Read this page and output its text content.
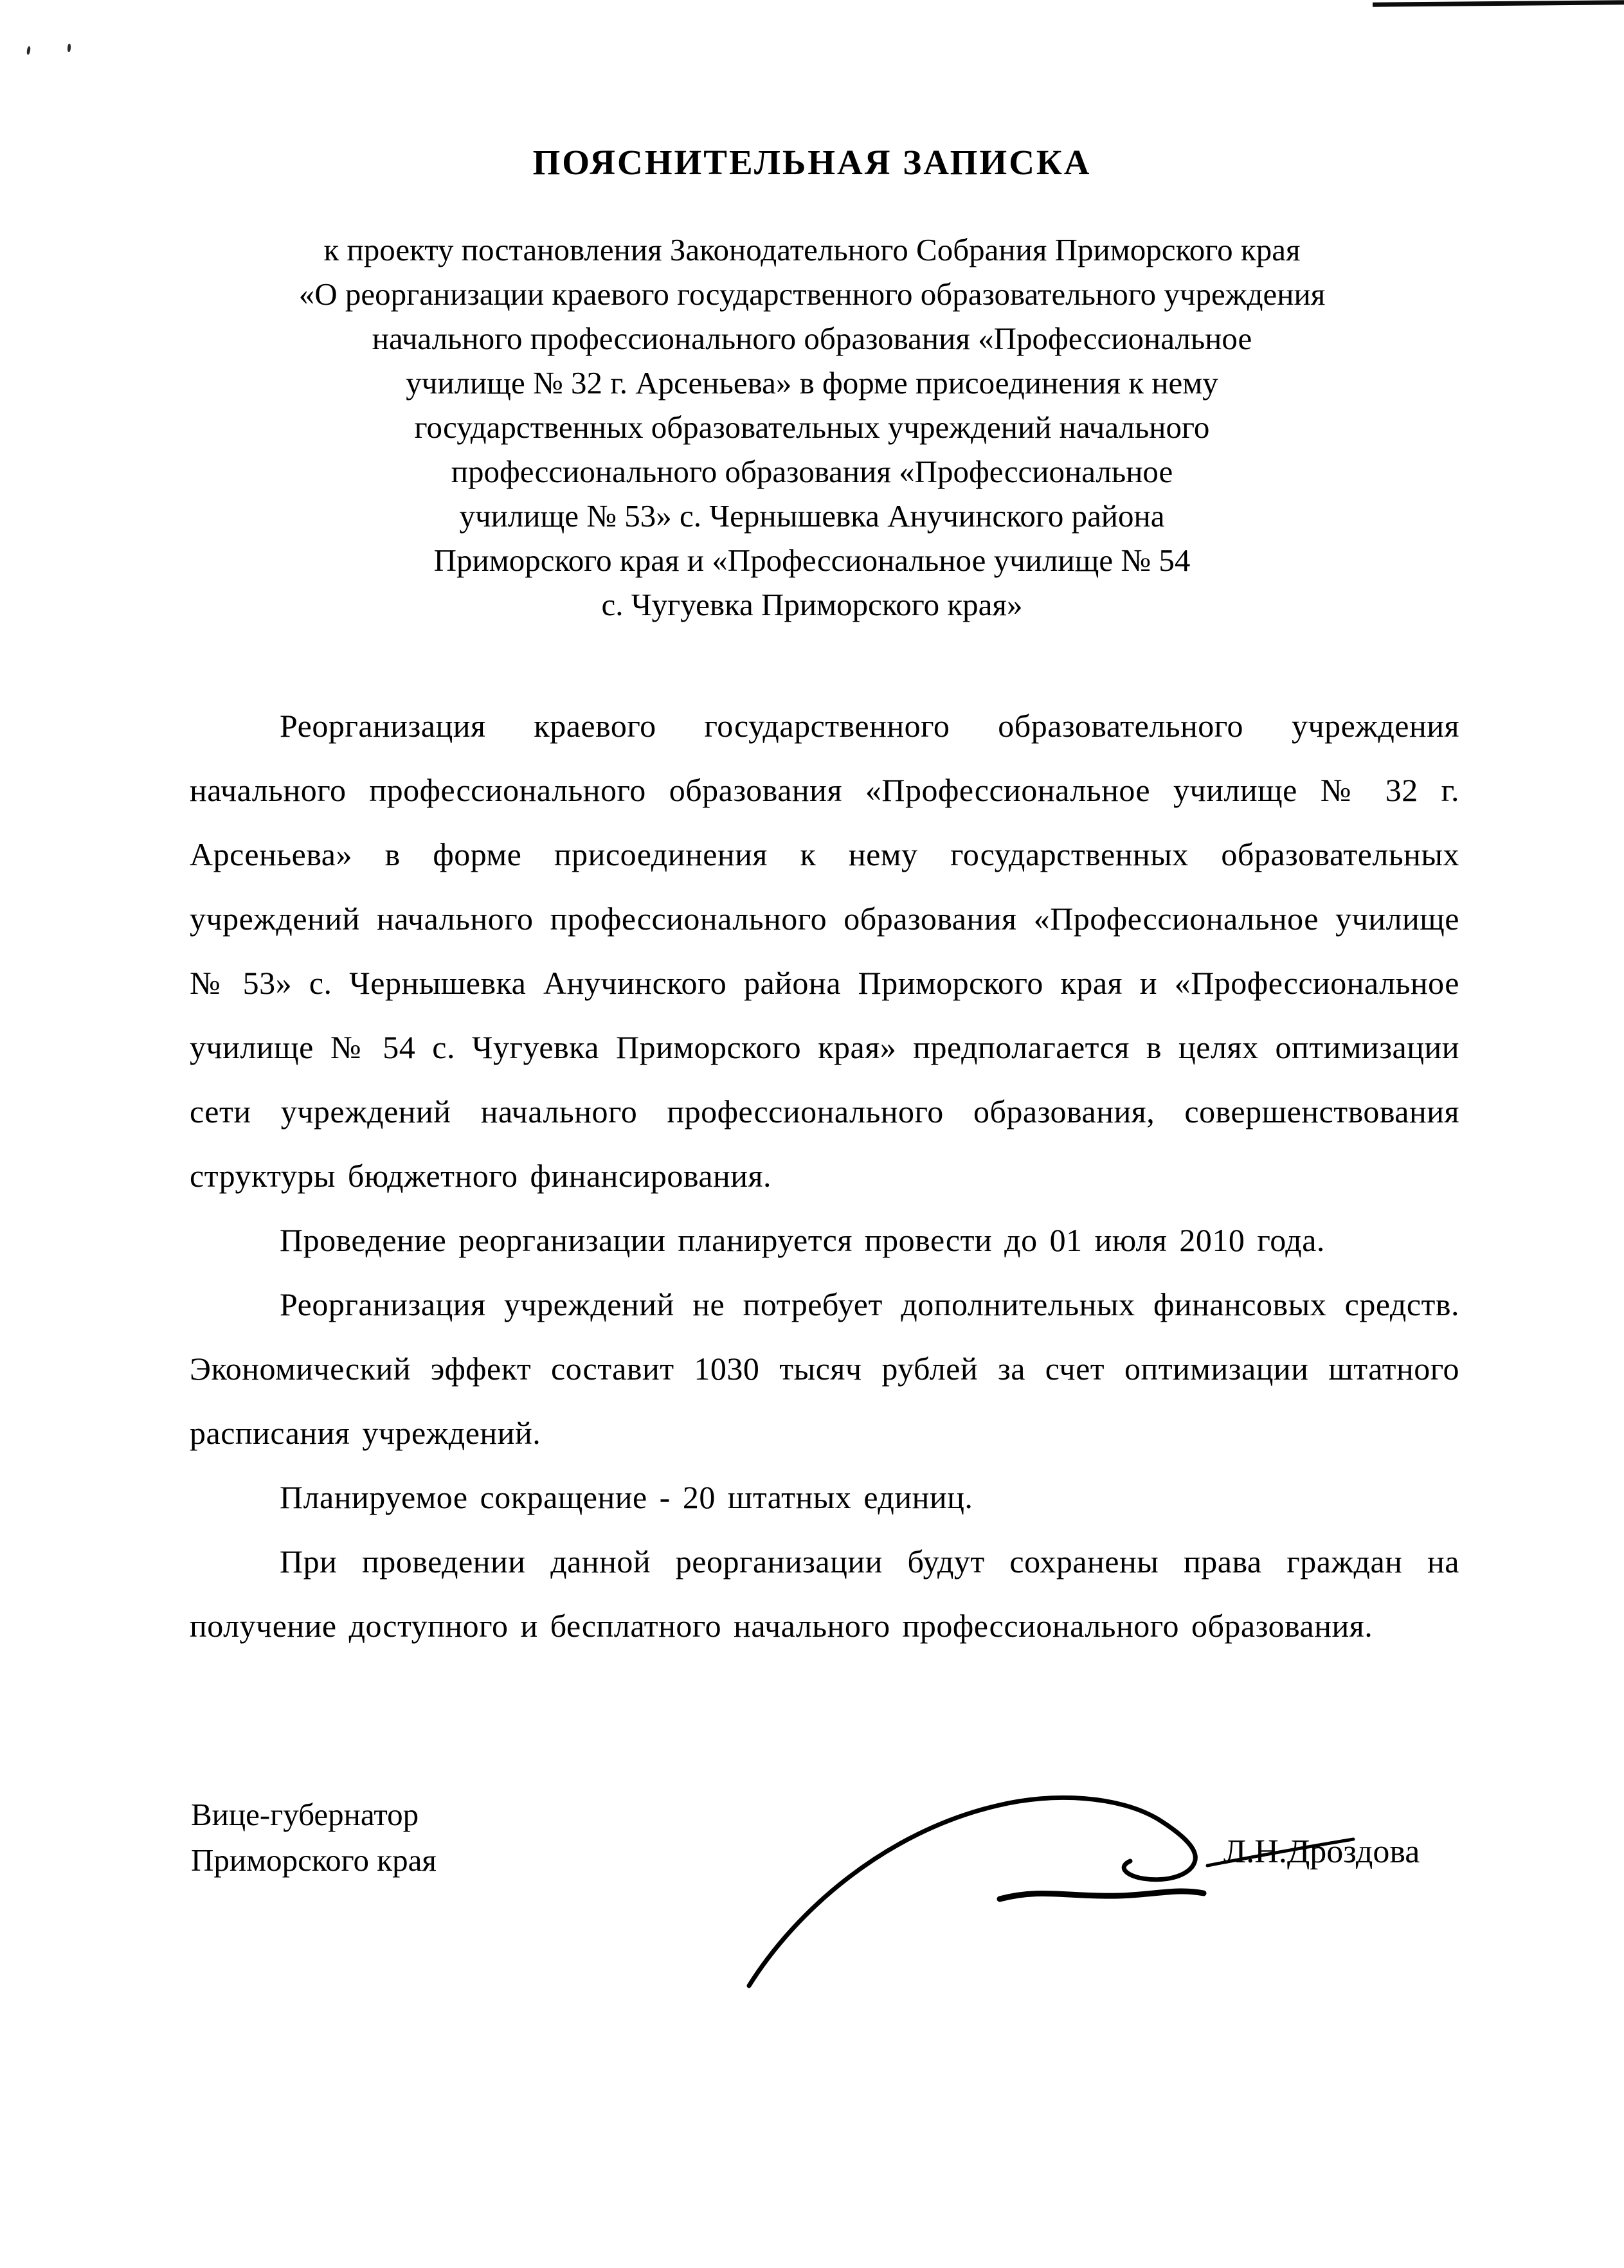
ПОЯСНИТЕЛЬНАЯ ЗАПИСКА
к проекту постановления Законодательного Собрания Приморского края
«О реорганизации краевого государственного образовательного учреждения
начального профессионального образования «Профессиональное
училище № 32 г. Арсеньева» в форме присоединения к нему
государственных образовательных учреждений начального
профессионального образования «Профессиональное
училище № 53» с. Чернышевка Анучинского района
Приморского края и «Профессиональное училище № 54
с. Чугуевка Приморского края»

Реорганизация краевого государственного образовательного учреждения начального профессионального образования «Профессиональное училище № 32 г. Арсеньева» в форме присоединения к нему государственных образовательных учреждений начального профессионального образования «Профессиональное училище № 53» с. Чернышевка Анучинского района Приморского края и «Профессиональное училище № 54 с. Чугуевка Приморского края» предполагается в целях оптимизации сети учреждений начального профессионального образования, совершенствования структуры бюджетного финансирования.

Проведение реорганизации планируется провести до 01 июля 2010 года.

Реорганизация учреждений не потребует дополнительных финансовых средств. Экономический эффект составит 1030 тысяч рублей за счет оптимизации штатного расписания учреждений.

Планируемое сокращение - 20 штатных единиц.

При проведении данной реорганизации будут сохранены права граждан на получение доступного и бесплатного начального профессионального образования.

Вице-губернатор
Приморского края	Л.Н.Дроздова
